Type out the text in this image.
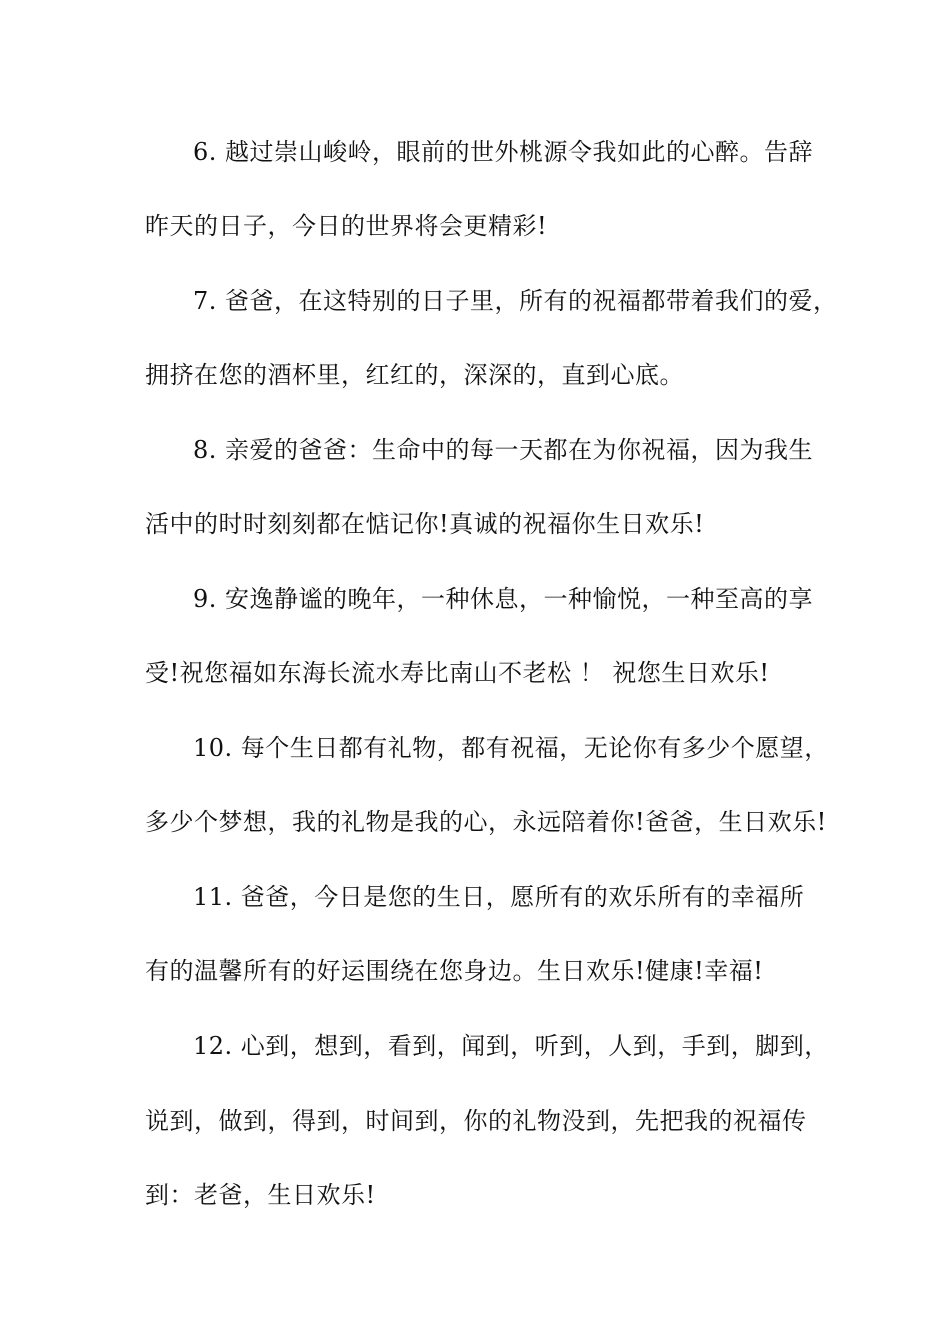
6. 越过崇山峻岭，眼前的世外桃源令我如此的心醉。告辞
昨天的日子，今日的世界将会更精彩!
7. 爸爸，在这特别的日子里，所有的祝福都带着我们的爱，
拥挤在您的酒杯里，红红的，深深的，直到心底。
8. 亲爱的爸爸：生命中的每一天都在为你祝福，因为我生
活中的时时刻刻都在惦记你!真诚的祝福你生日欢乐!
9. 安逸静谧的晚年，一种休息，一种愉悦，一种至高的享
受!祝您福如东海长流水寿比南山不老松 ！ 祝您生日欢乐!
10. 每个生日都有礼物，都有祝福，无论你有多少个愿望，
多少个梦想，我的礼物是我的心，永远陪着你!爸爸，生日欢乐!
11. 爸爸，今日是您的生日，愿所有的欢乐所有的幸福所
有的温馨所有的好运围绕在您身边。生日欢乐!健康!幸福!
12. 心到，想到，看到，闻到，听到，人到，手到，脚到，
说到，做到，得到，时间到，你的礼物没到，先把我的祝福传
到：老爸，生日欢乐!
